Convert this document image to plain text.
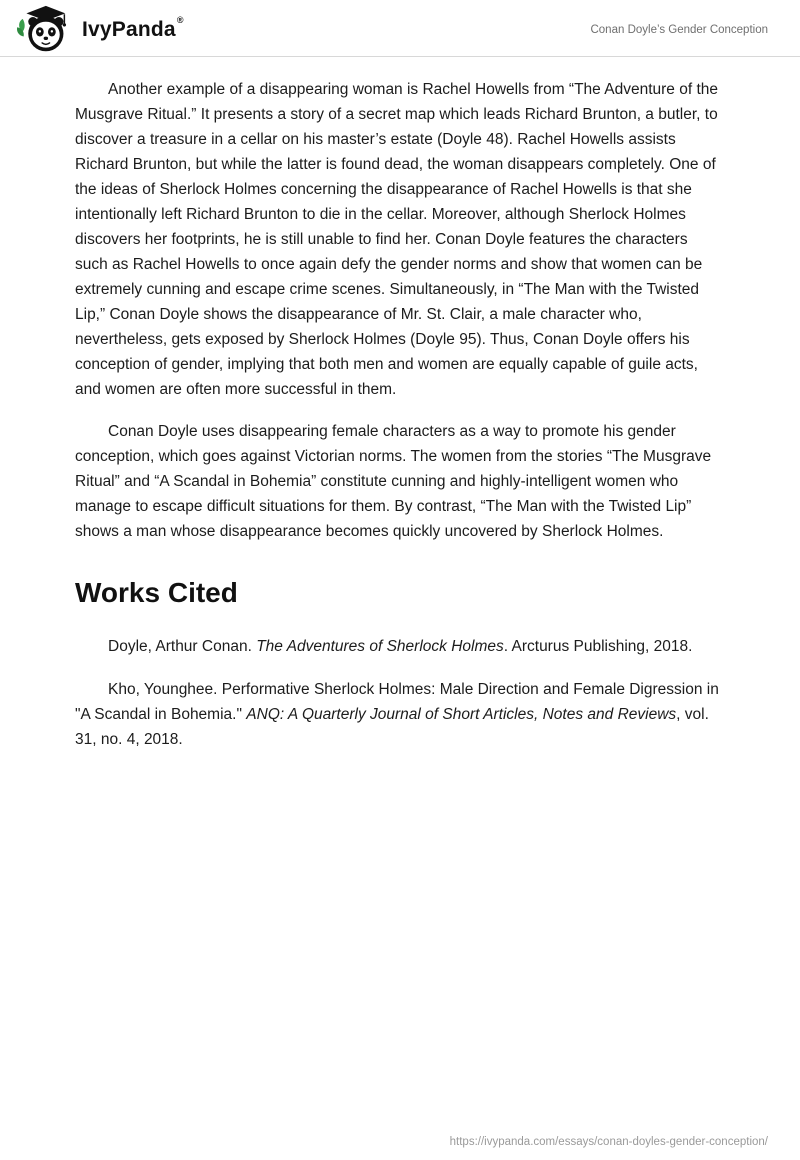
IvyPanda®
Conan Doyle’s Gender Conception

Another example of a disappearing woman is Rachel Howells from “The Adventure of the Musgrave Ritual.” It presents a story of a secret map which leads Richard Brunton, a butler, to discover a treasure in a cellar on his master’s estate (Doyle 48). Rachel Howells assists Richard Brunton, but while the latter is found dead, the woman disappears completely. One of the ideas of Sherlock Holmes concerning the disappearance of Rachel Howells is that she intentionally left Richard Brunton to die in the cellar. Moreover, although Sherlock Holmes discovers her footprints, he is still unable to find her. Conan Doyle features the characters such as Rachel Howells to once again defy the gender norms and show that women can be extremely cunning and escape crime scenes. Simultaneously, in “The Man with the Twisted Lip,” Conan Doyle shows the disappearance of Mr. St. Clair, a male character who, nevertheless, gets exposed by Sherlock Holmes (Doyle 95). Thus, Conan Doyle offers his conception of gender, implying that both men and women are equally capable of guile acts, and women are often more successful in them.

Conan Doyle uses disappearing female characters as a way to promote his gender conception, which goes against Victorian norms. The women from the stories “The Musgrave Ritual” and “A Scandal in Bohemia” constitute cunning and highly-intelligent women who manage to escape difficult situations for them. By contrast, “The Man with the Twisted Lip” shows a man whose disappearance becomes quickly uncovered by Sherlock Holmes.

Works Cited

Doyle, Arthur Conan. The Adventures of Sherlock Holmes. Arcturus Publishing, 2018.

Kho, Younghee. Performative Sherlock Holmes: Male Direction and Female Digression in "A Scandal in Bohemia." ANQ: A Quarterly Journal of Short Articles, Notes and Reviews, vol. 31, no. 4, 2018.

https://ivypanda.com/essays/conan-doyles-gender-conception/
